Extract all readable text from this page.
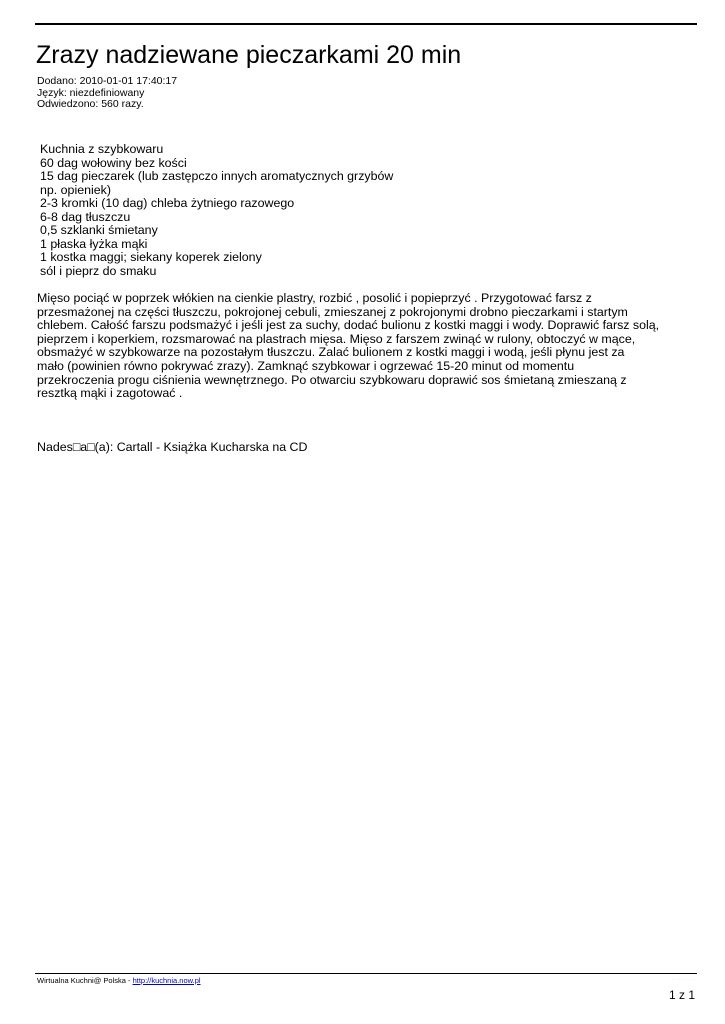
Zrazy nadziewane pieczarkami 20 min
Dodano: 2010-01-01 17:40:17
Język: niezdefiniowany
Odwiedzono: 560 razy.
Kuchnia z szybkowaru
60 dag wołowiny bez kości
15 dag pieczarek (lub zastępczo innych aromatycznych grzybów
np. opieniek)
2-3 kromki (10 dag) chleba żytniego razowego
6-8 dag tłuszczu
0,5 szklanki śmietany
1 płaska łyżka mąki
1 kostka maggi; siekany koperek zielony
sól i pieprz do smaku
Mięso pociąć w poprzek włókien na cienkie plastry, rozbić , posolić i popieprzyć . Przygotować farsz z
przesmażonej na części tłuszczu, pokrojonej cebuli, zmieszanej z pokrojonymi drobno pieczarkami i startym
chlebem. Całość farszu podsmażyć i jeśli jest za suchy, dodać bulionu z kostki maggi i wody. Doprawić farsz solą,
pieprzem i koperkiem, rozsmarować na plastrach mięsa. Mięso z farszem zwinąć w rulony, obtoczyć w mące,
obsmażyć w szybkowarze na pozostałym tłuszczu. Zalać bulionem z kostki maggi i wodą, jeśli płynu jest za
mało (powinien równo pokrywać zrazy). Zamknąć szybkowar i ogrzewać 15-20 minut od momentu
przekroczenia progu ciśnienia wewnętrznego. Po otwarciu szybkowaru doprawić sos śmietaną zmieszaną z
resztką mąki i zagotować .
Nades□a□(a): Cartall - Książka Kucharska na CD
Wirtualna Kuchni@ Polska - http://kuchnia.now.pl	· · · · · · · · · · ·
1 z 1
